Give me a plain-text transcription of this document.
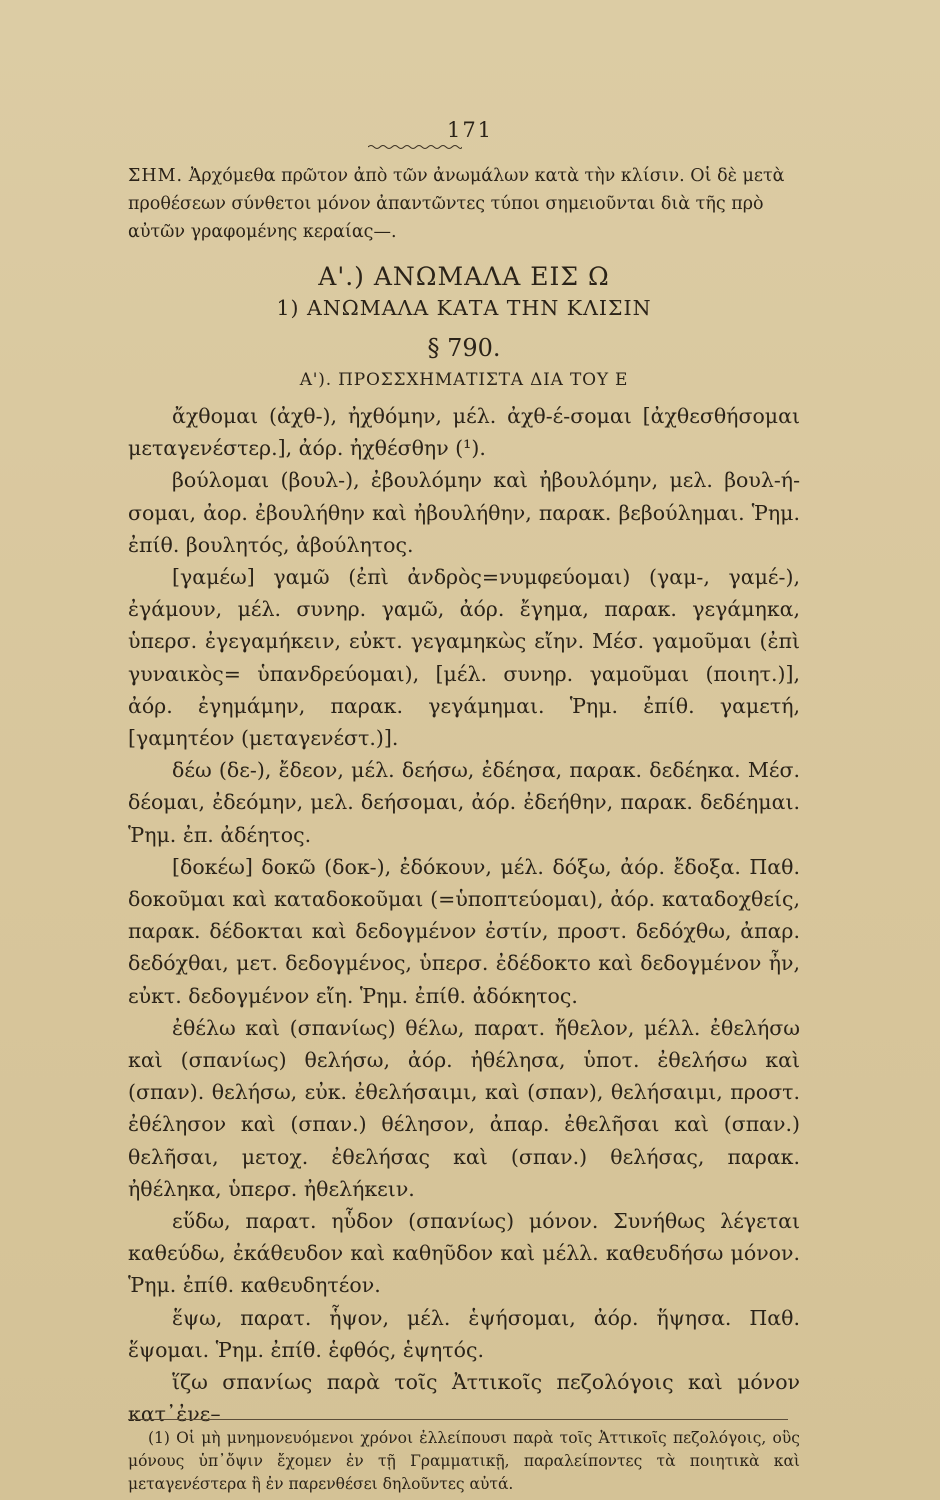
171
ΣΗΜ. Ἀρχόμεθα πρῶτον ἀπὸ τῶν ἀνωμάλων κατὰ τὴν κλίσιν. Οἱ δὲ μετὰ προθέσεων σύνθετοι μόνον ἀπαντῶντες τύποι σημειοῦνται διὰ τῆς πρὸ αὐτῶν γραφομένης κεραίας—.
Α'.) ΑΝΩΜΑΛΑ ΕΙΣ Ω
1) ΑΝΩΜΑΛΑ ΚΑΤΑ ΤΗΝ ΚΛΙΣΙΝ
§ 790.
Α'). ΠΡΟΣΣΧΗΜΑΤΙΣΤΑ ΔΙΑ ΤΟΥ Ε

ἄχθομαι (ἀχθ-), ἠχθόμην, μέλ. ἀχθ-έ-σομαι [ἀχθεσθήσομαι μεταγενέστερ.], ἀόρ. ἠχθέσθην (¹).

βούλομαι (βουλ-), ἐβουλόμην καὶ ἠβουλόμην, μελ. βουλ-ή-σομαι, ἀορ. ἐβουλήθην καὶ ἠβουλήθην, παρακ. βεβούλημαι. Ῥημ. ἐπίθ. βουλητός, ἀβούλητος.

[γαμέω] γαμῶ (ἐπὶ ἀνδρὸς=νυμφεύομαι) (γαμ-, γαμέ-), ἐγάμουν, μέλ. συνηρ. γαμῶ, ἀόρ. ἔγημα, παρακ. γεγάμηκα, ὑπερσ. ἐγεγαμήκειν, εὐκτ. γεγαμηκὼς εἴην. Μέσ. γαμοῦμαι (ἐπὶ γυναικὸς= ὑπανδρεύομαι), [μέλ. συνηρ. γαμοῦμαι (ποιητ.)], ἀόρ. ἐγημάμην, παρακ. γεγάμημαι. Ῥημ. ἐπίθ. γαμετή, [γαμητέον (μεταγενέστ.)].

δέω (δε-), ἔδεον, μέλ. δεήσω, ἐδέησα, παρακ. δεδέηκα. Μέσ. δέομαι, ἐδεόμην, μελ. δεήσομαι, ἀόρ. ἐδεήθην, παρακ. δεδέημαι. Ῥημ. ἐπ. ἀδέητος.

[δοκέω] δοκῶ (δοκ-), ἐδόκουν, μέλ. δόξω, ἀόρ. ἔδοξα. Παθ. δοκοῦμαι καὶ καταδοκοῦμαι (=ὑποπτεύομαι), ἀόρ. καταδοχθείς, παρακ. δέδοκται καὶ δεδογμένον ἐστίν, προστ. δεδόχθω, ἀπαρ. δεδόχθαι, μετ. δεδογμένος, ὑπερσ. ἐδέδοκτο καὶ δεδογμένον ἦν, εὐκτ. δεδογμένον εἴη. Ῥημ. ἐπίθ. ἀδόκητος.

ἐθέλω καὶ (σπανίως) θέλω, παρατ. ἤθελον, μέλλ. ἐθελήσω καὶ (σπανίως) θελήσω, ἀόρ. ἠθέλησα, ὑποτ. ἐθελήσω καὶ (σπαν). θελήσω, εὐκ. ἐθελήσαιμι, καὶ (σπαν), θελήσαιμι, προστ. ἐθέλησον καὶ (σπαν.) θέλησον, ἀπαρ. ἐθελῆσαι καὶ (σπαν.) θελῆσαι, μετοχ. ἐθελήσας καὶ (σπαν.) θελήσας, παρακ. ἠθέληκα, ὑπερσ. ἠθελήκειν.

εὕδω, παρατ. ηὗδον (σπανίως) μόνον. Συνήθως λέγεται καθεύδω, ἐκάθευδον καὶ καθηῦδον καὶ μέλλ. καθευδήσω μόνον. Ῥημ. ἐπίθ. καθευδητέον.

ἕψω, παρατ. ἧψον, μέλ. ἑψήσομαι, ἀόρ. ἥψησα. Παθ. ἕψομαι. Ῥημ. ἐπίθ. ἑφθός, ἑψητός.

ἵζω σπανίως παρὰ τοῖς Ἀττικοῖς πεζολόγοις καὶ μόνον κατ᾽ἐνε–

(1) Οἱ μὴ μνημονευόμενοι χρόνοι ἐλλείπουσι παρὰ τοῖς Ἀττικοῖς πεζολόγοις, οὓς μόνους ὑπ᾽ὄψιν ἔχομεν ἐν τῇ Γραμματικῇ, παραλείποντες τὰ ποιητικὰ καὶ μεταγενέστερα ἢ ἐν παρενθέσει δηλοῦντες αὐτά.
